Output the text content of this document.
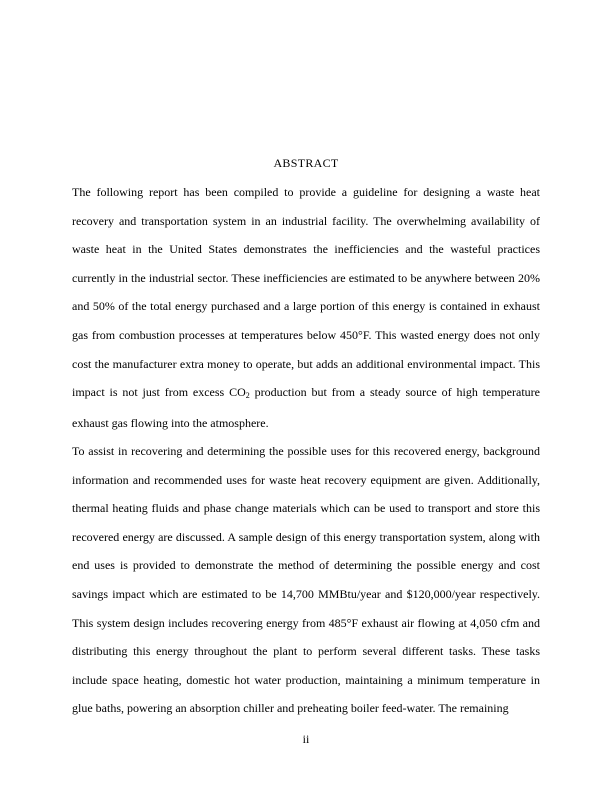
ABSTRACT

The following report has been compiled to provide a guideline for designing a waste heat recovery and transportation system in an industrial facility. The overwhelming availability of waste heat in the United States demonstrates the inefficiencies and the wasteful practices currently in the industrial sector. These inefficiencies are estimated to be anywhere between 20% and 50% of the total energy purchased and a large portion of this energy is contained in exhaust gas from combustion processes at temperatures below 450°F. This wasted energy does not only cost the manufacturer extra money to operate, but adds an additional environmental impact. This impact is not just from excess CO2 production but from a steady source of high temperature exhaust gas flowing into the atmosphere.

To assist in recovering and determining the possible uses for this recovered energy, background information and recommended uses for waste heat recovery equipment are given. Additionally, thermal heating fluids and phase change materials which can be used to transport and store this recovered energy are discussed. A sample design of this energy transportation system, along with end uses is provided to demonstrate the method of determining the possible energy and cost savings impact which are estimated to be 14,700 MMBtu/year and $120,000/year respectively. This system design includes recovering energy from 485°F exhaust air flowing at 4,050 cfm and distributing this energy throughout the plant to perform several different tasks. These tasks include space heating, domestic hot water production, maintaining a minimum temperature in glue baths, powering an absorption chiller and preheating boiler feed-water. The remaining

ii
